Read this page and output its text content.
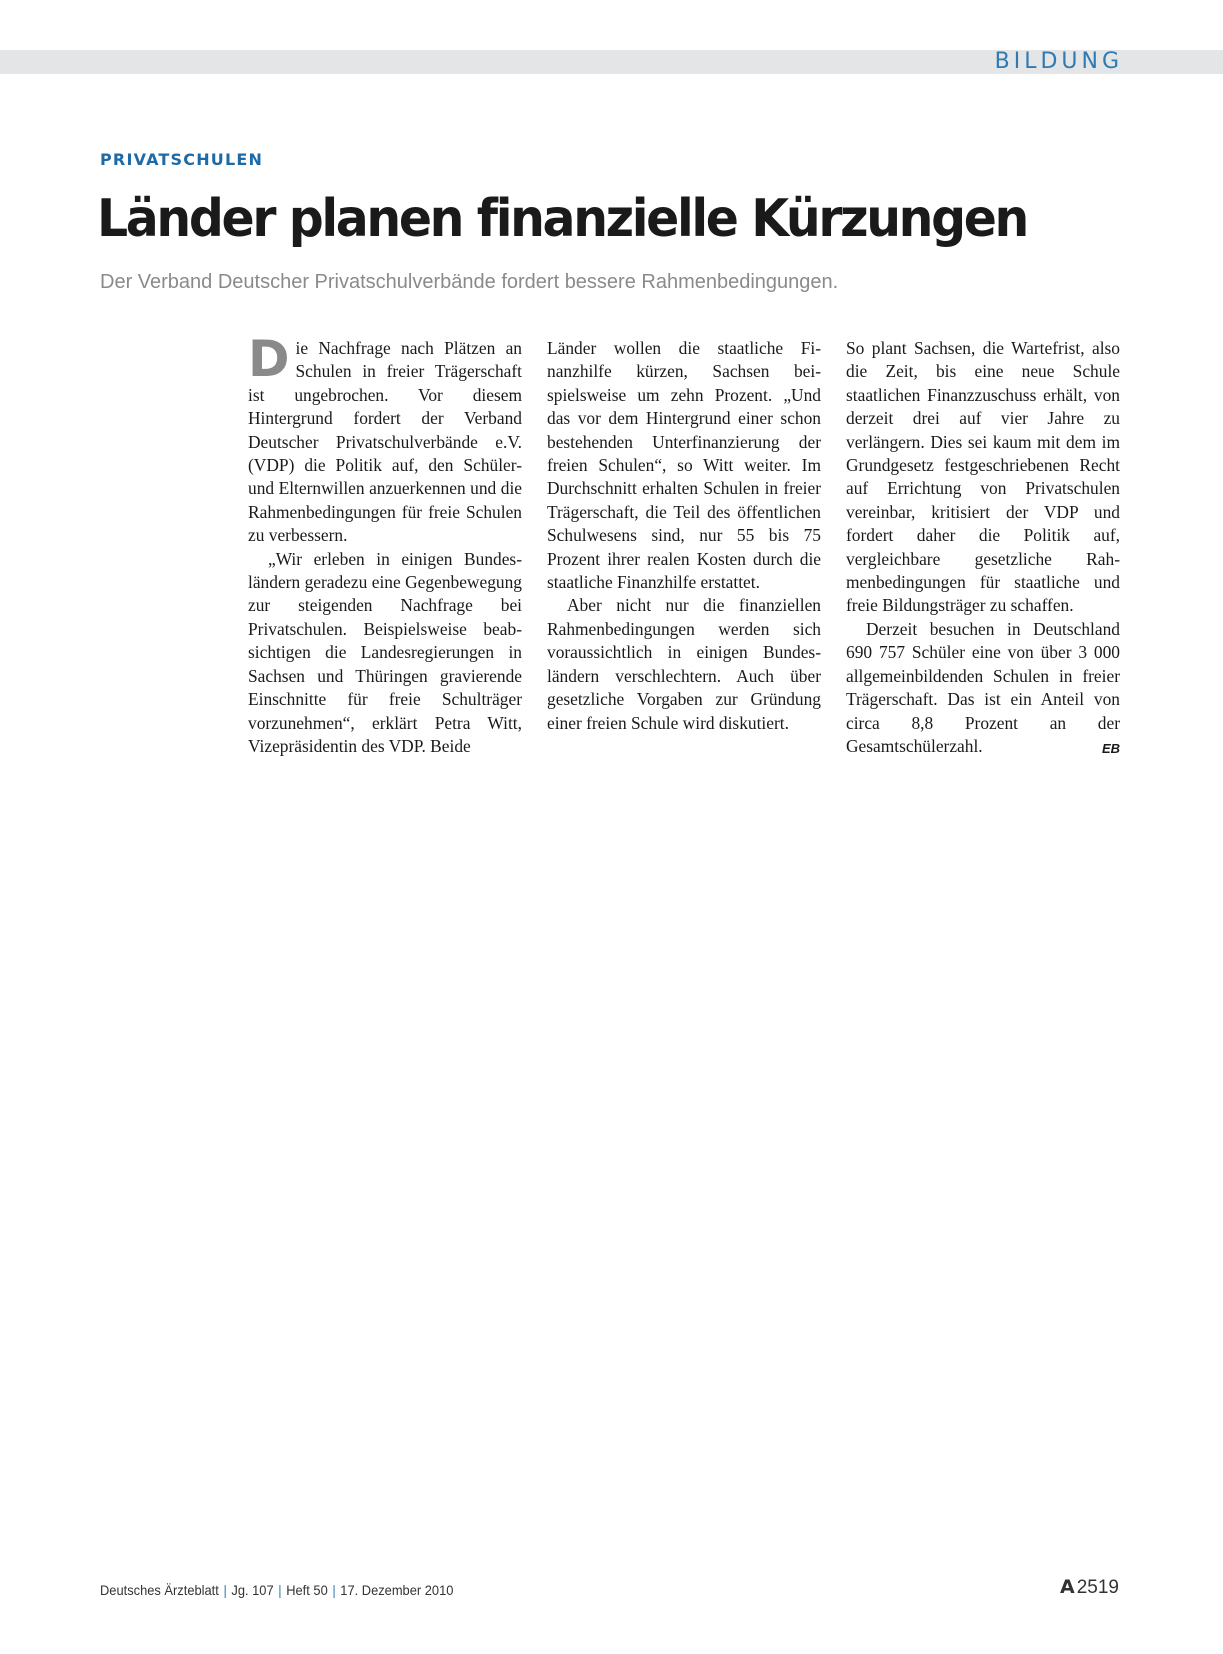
BILDUNG
PRIVATSCHULEN
Länder planen finanzielle Kürzungen
Der Verband Deutscher Privatschulverbände fordert bessere Rahmenbedingungen.

Die Nachfrage nach Plätzen an Schulen in freier Trägerschaft ist ungebrochen. Vor diesem Hintergrund fordert der Verband Deutscher Privatschulverbände e.V. (VDP) die Politik auf, den Schüler- und Elternwillen anzuerkennen und die Rahmenbedingungen für freie Schulen zu verbessern.

„Wir erleben in einigen Bundesländern geradezu eine Gegenbewegung zur steigenden Nachfrage bei Privatschulen. Beispielsweise beabsichtigen die Landesregierungen in Sachsen und Thüringen gravierende Einschnitte für freie Schulträger vorzunehmen“, erklärt Petra Witt, Vizepräsidentin des VDP. Beide

Länder wollen die staatliche Finanzhilfe kürzen, Sachsen beispielsweise um zehn Prozent. „Und das vor dem Hintergrund einer schon bestehenden Unterfinanzierung der freien Schulen“, so Witt weiter. Im Durchschnitt erhalten Schulen in freier Trägerschaft, die Teil des öffentlichen Schulwesens sind, nur 55 bis 75 Prozent ihrer realen Kosten durch die staatliche Finanzhilfe erstattet.

Aber nicht nur die finanziellen Rahmenbedingungen werden sich voraussichtlich in einigen Bundesländern verschlechtern. Auch über gesetzliche Vorgaben zur Gründung einer freien Schule wird diskutiert.

So plant Sachsen, die Wartefrist, also die Zeit, bis eine neue Schule staatlichen Finanzzuschuss erhält, von derzeit drei auf vier Jahre zu verlängern. Dies sei kaum mit dem im Grundgesetz festgeschriebenen Recht auf Errichtung von Privatschulen vereinbar, kritisiert der VDP und fordert daher die Politik auf, vergleichbare gesetzliche Rahmenbedingungen für staatliche und freie Bildungsträger zu schaffen.

Derzeit besuchen in Deutschland 690 757 Schüler eine von über 3 000 allgemeinbildenden Schulen in freier Trägerschaft. Das ist ein Anteil von circa 8,8 Prozent an der Gesamtschülerzahl.	EB

Deutsches Ärzteblatt | Jg. 107 | Heft 50 | 17. Dezember 2010	A 2519
